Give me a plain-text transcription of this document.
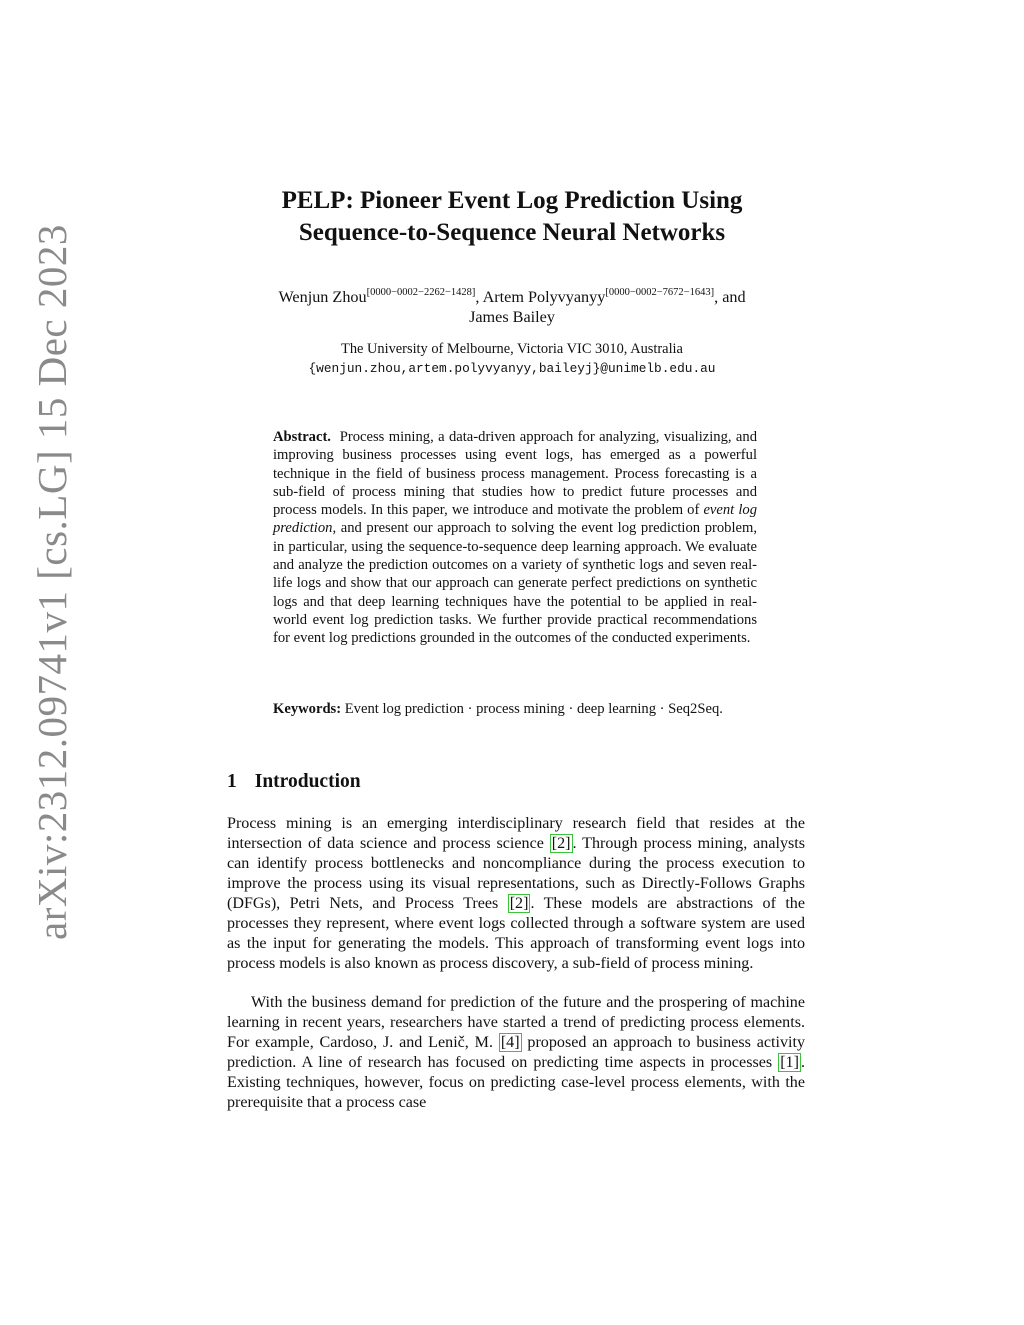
arXiv:2312.09741v1 [cs.LG] 15 Dec 2023
PELP: Pioneer Event Log Prediction Using
Sequence-to-Sequence Neural Networks
Wenjun Zhou[0000−0002−2262−1428], Artem Polyvyanyy[0000−0002−7672−1643], and
James Bailey
The University of Melbourne, Victoria VIC 3010, Australia
{wenjun.zhou,artem.polyvyanyy,baileyj}@unimelb.edu.au

Abstract. Process mining, a data-driven approach for analyzing, visualizing, and improving business processes using event logs, has emerged as a powerful technique in the field of business process management. Process forecasting is a sub-field of process mining that studies how to predict future processes and process models. In this paper, we introduce and motivate the problem of event log prediction, and present our approach to solving the event log prediction problem, in particular, using the sequence-to-sequence deep learning approach. We evaluate and analyze the prediction outcomes on a variety of synthetic logs and seven real-life logs and show that our approach can generate perfect predictions on synthetic logs and that deep learning techniques have the potential to be applied in real-world event log prediction tasks. We further provide practical recommendations for event log predictions grounded in the outcomes of the conducted experiments.

Keywords: Event log prediction · process mining · deep learning · Seq2Seq.

1 Introduction

Process mining is an emerging interdisciplinary research field that resides at the intersection of data science and process science [2] . Through process mining, analysts can identify process bottlenecks and noncompliance during the process execution to improve the process using its visual representations, such as Directly-Follows Graphs (DFGs), Petri Nets, and Process Trees [2] . These models are abstractions of the processes they represent, where event logs collected through a software system are used as the input for generating the models. This approach of transforming event logs into process models is also known as process discovery, a sub-field of process mining.

With the business demand for prediction of the future and the prospering of machine learning in recent years, researchers have started a trend of predicting process elements. For example, Cardoso, J. and Lenič, M. [4] proposed an approach to business activity prediction. A line of research has focused on predicting time aspects in processes [1] . Existing techniques, however, focus on predicting case-level process elements, with the prerequisite that a process case
